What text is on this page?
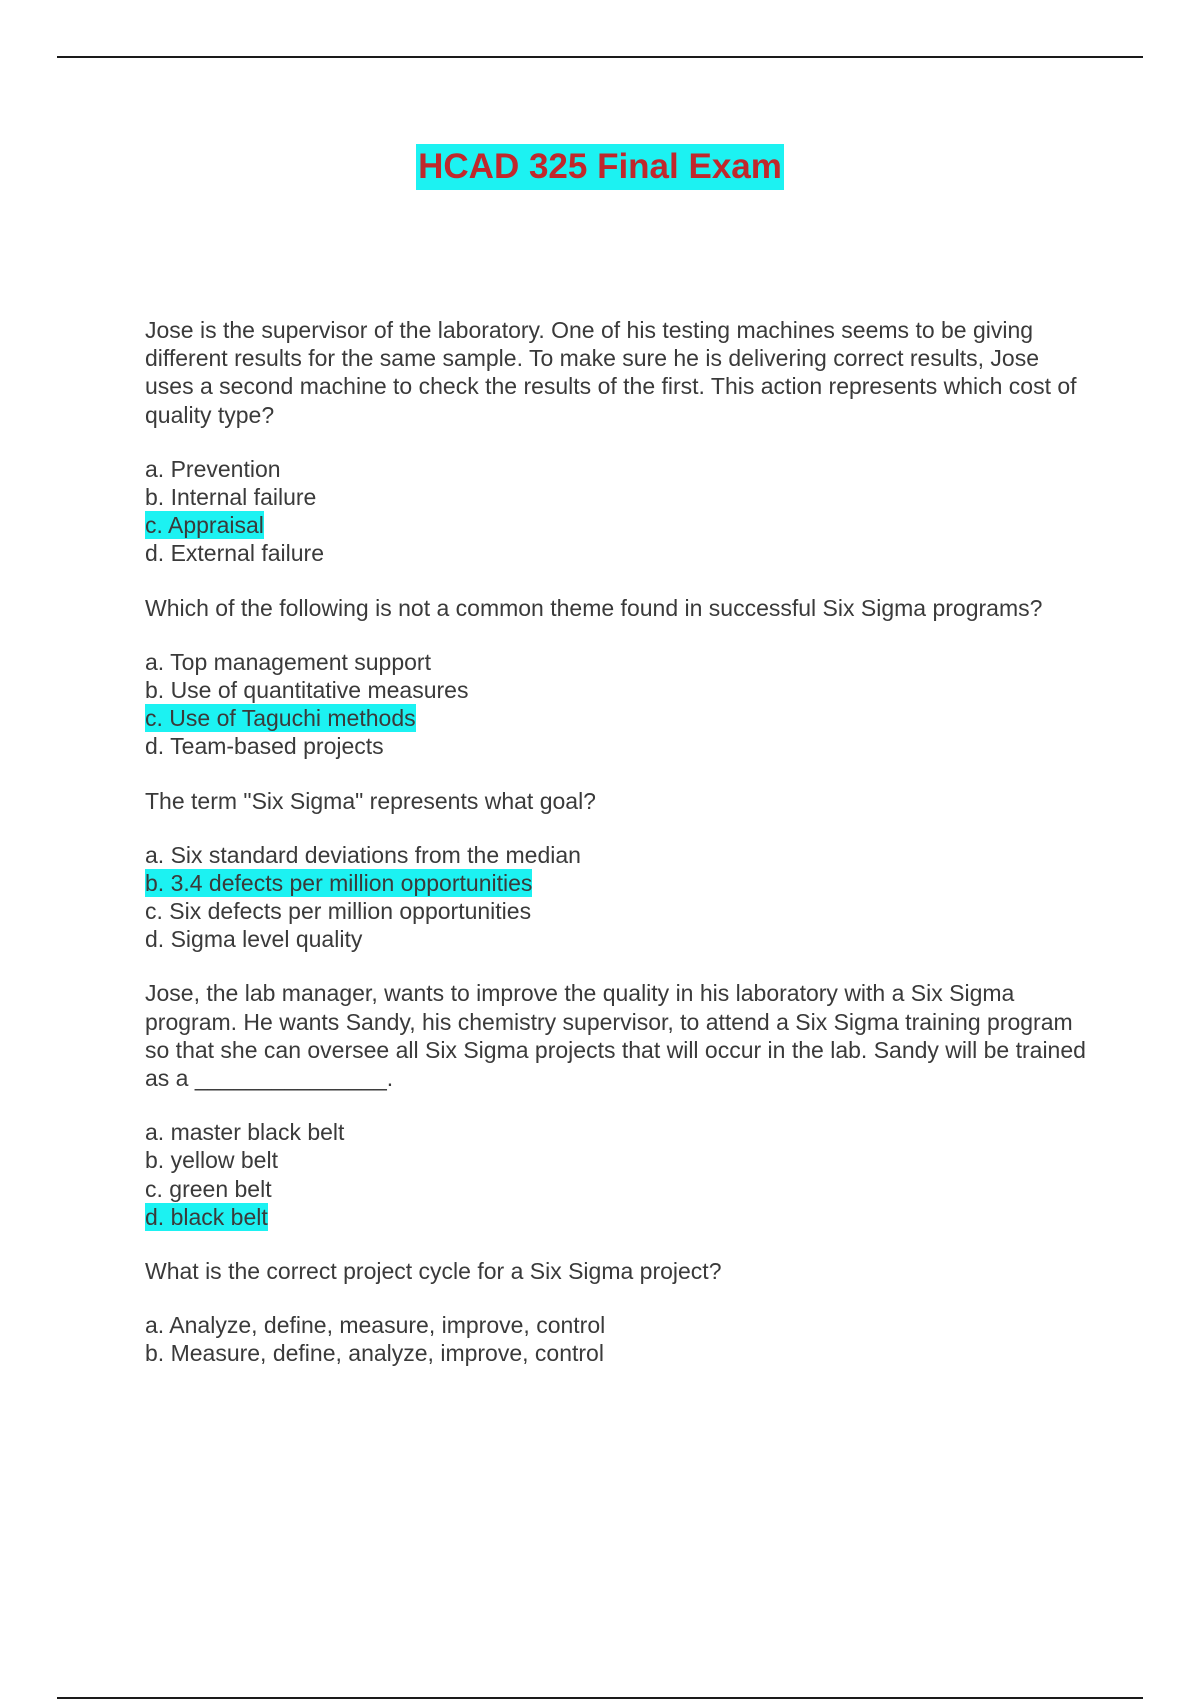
HCAD 325 Final Exam

Jose is the supervisor of the laboratory. One of his testing machines seems to be giving different results for the same sample. To make sure he is delivering correct results, Jose uses a second machine to check the results of the first. This action represents which cost of quality type?

a. Prevention
b. Internal failure
c. Appraisal
d. External failure

Which of the following is not a common theme found in successful Six Sigma programs?

a. Top management support
b. Use of quantitative measures
c. Use of Taguchi methods
d. Team-based projects

The term "Six Sigma" represents what goal?

a. Six standard deviations from the median
b. 3.4 defects per million opportunities
c. Six defects per million opportunities
d. Sigma level quality

Jose, the lab manager, wants to improve the quality in his laboratory with a Six Sigma program. He wants Sandy, his chemistry supervisor, to attend a Six Sigma training program so that she can oversee all Six Sigma projects that will occur in the lab. Sandy will be trained as a _______________.

a. master black belt
b. yellow belt
c. green belt
d. black belt

What is the correct project cycle for a Six Sigma project?

a. Analyze, define, measure, improve, control
b. Measure, define, analyze, improve, control
